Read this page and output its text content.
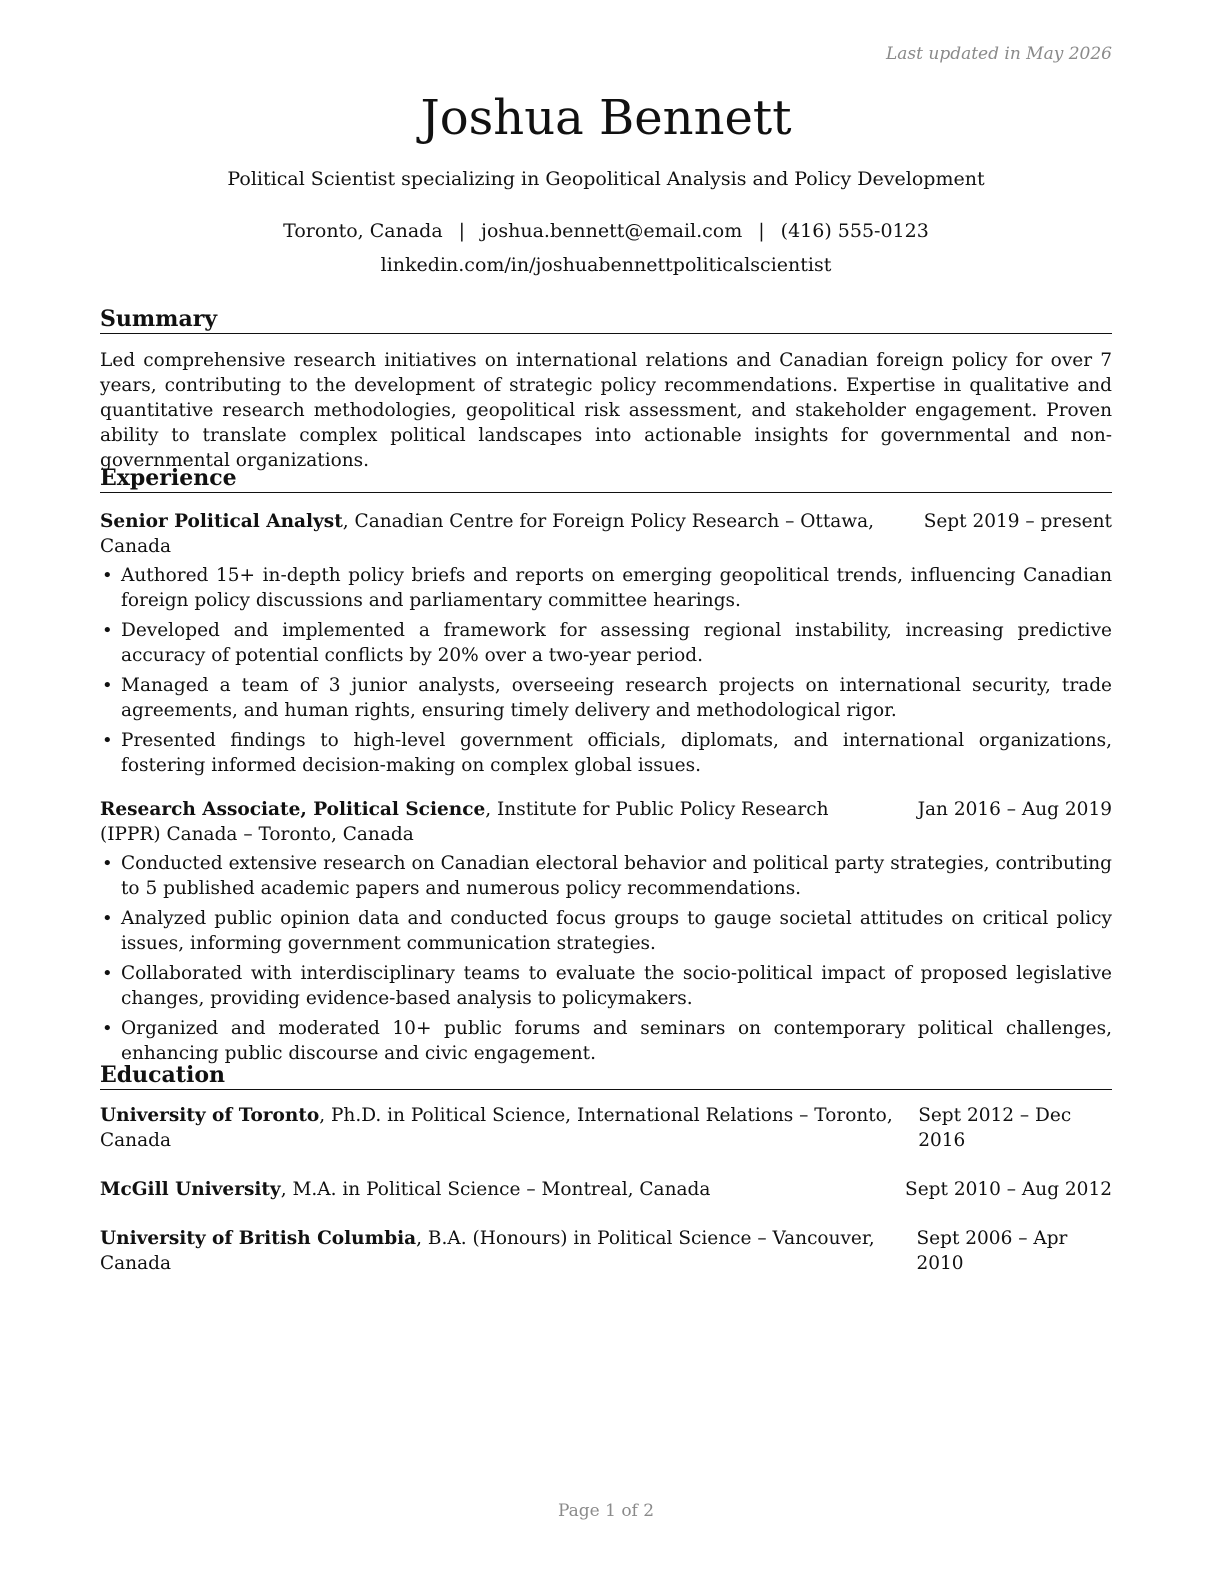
Last updated in May 2026
Joshua Bennett
Political Scientist specializing in Geopolitical Analysis and Policy Development
Toronto, Canada | joshua.bennett@email.com | (416) 555-0123
linkedin.com/in/joshuabennettpoliticalscientist
Summary

Led comprehensive research initiatives on international relations and Canadian foreign policy for over 7 years, contributing to the development of strategic policy recommendations. Expertise in qualitative and quantitative research methodologies, geopolitical risk assessment, and stakeholder engagement. Proven ability to translate complex political landscapes into actionable insights for governmental and non-governmental organizations.

Experience
Senior Political Analyst, Canadian Centre for Foreign Policy Research – Ottawa, Canada
Sept 2019 – present
• Authored 15+ in-depth policy briefs and reports on emerging geopolitical trends, influencing Canadian foreign policy discussions and parliamentary committee hearings.
• Developed and implemented a framework for assessing regional instability, increasing predictive accuracy of potential conflicts by 20% over a two-year period.
• Managed a team of 3 junior analysts, overseeing research projects on international security, trade agreements, and human rights, ensuring timely delivery and methodological rigor.
• Presented findings to high-level government officials, diplomats, and international organizations, fostering informed decision-making on complex global issues.
Research Associate, Political Science, Institute for Public Policy Research (IPPR) Canada – Toronto, Canada
Jan 2016 – Aug 2019
• Conducted extensive research on Canadian electoral behavior and political party strategies, contributing to 5 published academic papers and numerous policy recommendations.
• Analyzed public opinion data and conducted focus groups to gauge societal attitudes on critical policy issues, informing government communication strategies.
• Collaborated with interdisciplinary teams to evaluate the socio-political impact of proposed legislative changes, providing evidence-based analysis to policymakers.
• Organized and moderated 10+ public forums and seminars on contemporary political challenges, enhancing public discourse and civic engagement.
Education
University of Toronto, Ph.D. in Political Science, International Relations – Toronto, Canada
Sept 2012 – Dec 2016
McGill University, M.A. in Political Science – Montreal, Canada	Sept 2010 – Aug 2012
University of British Columbia, B.A. (Honours) in Political Science – Vancouver, Canada
Sept 2006 – Apr 2010
Page 1 of 2
